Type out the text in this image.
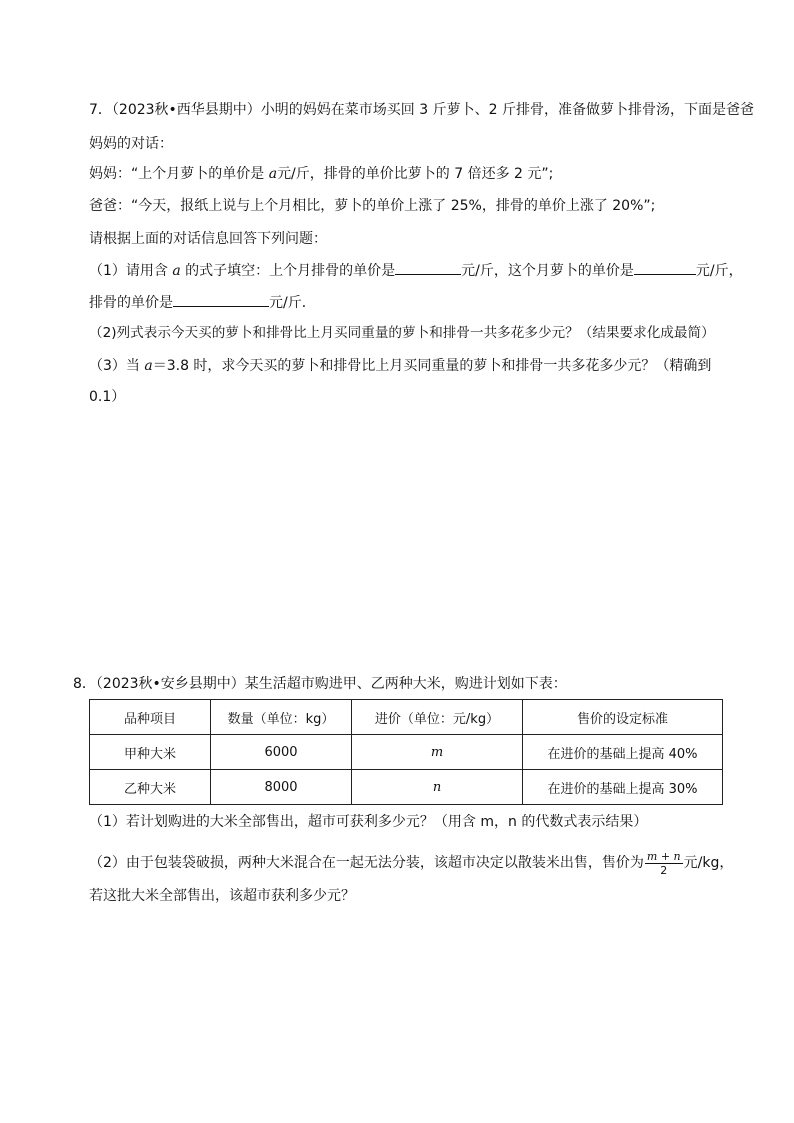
7．（2023秋•西华县期中）小明的妈妈在菜市场买回 3 斤萝卜、2 斤排骨，准备做萝卜排骨汤，下面是爸爸
妈妈的对话：
妈妈：“上个月萝卜的单价是 a元/斤，排骨的单价比萝卜的 7 倍还多 2 元”;
爸爸：“今天，报纸上说与上个月相比，萝卜的单价上涨了 25%，排骨的单价上涨了 20%”;
请根据上面的对话信息回答下列问题：
（1）请用含 a 的式子填空：上个月排骨的单价是	元/斤，这个月萝卜的单价是	元/斤，
排骨的单价是	元/斤．
（2)列式表示今天买的萝卜和排骨比上月买同重量的萝卜和排骨一共多花多少元？（结果要求化成最简）
（3）当 a＝3.8 时，求今天买的萝卜和排骨比上月买同重量的萝卜和排骨一共多花多少元？（精确到
0.1）
8．（2023秋•安乡县期中）某生活超市购进甲、乙两种大米，购进计划如下表：
品种项目	数量（单位：kg）	进价（单位：元/kg）	售价的设定标准
甲种大米	6000	m	在进价的基础上提高 40%
乙种大米	8000	n	在进价的基础上提高 30%
（1）若计划购进的大米全部售出，超市可获利多少元？（用含 m，n 的代数式表示结果）
（2）由于包装袋破损，两种大米混合在一起无法分装，该超市决定以散装米出售，售价为 $\frac{m + n}{2}$ 元/kg，
若这批大米全部售出，该超市获利多少元？
